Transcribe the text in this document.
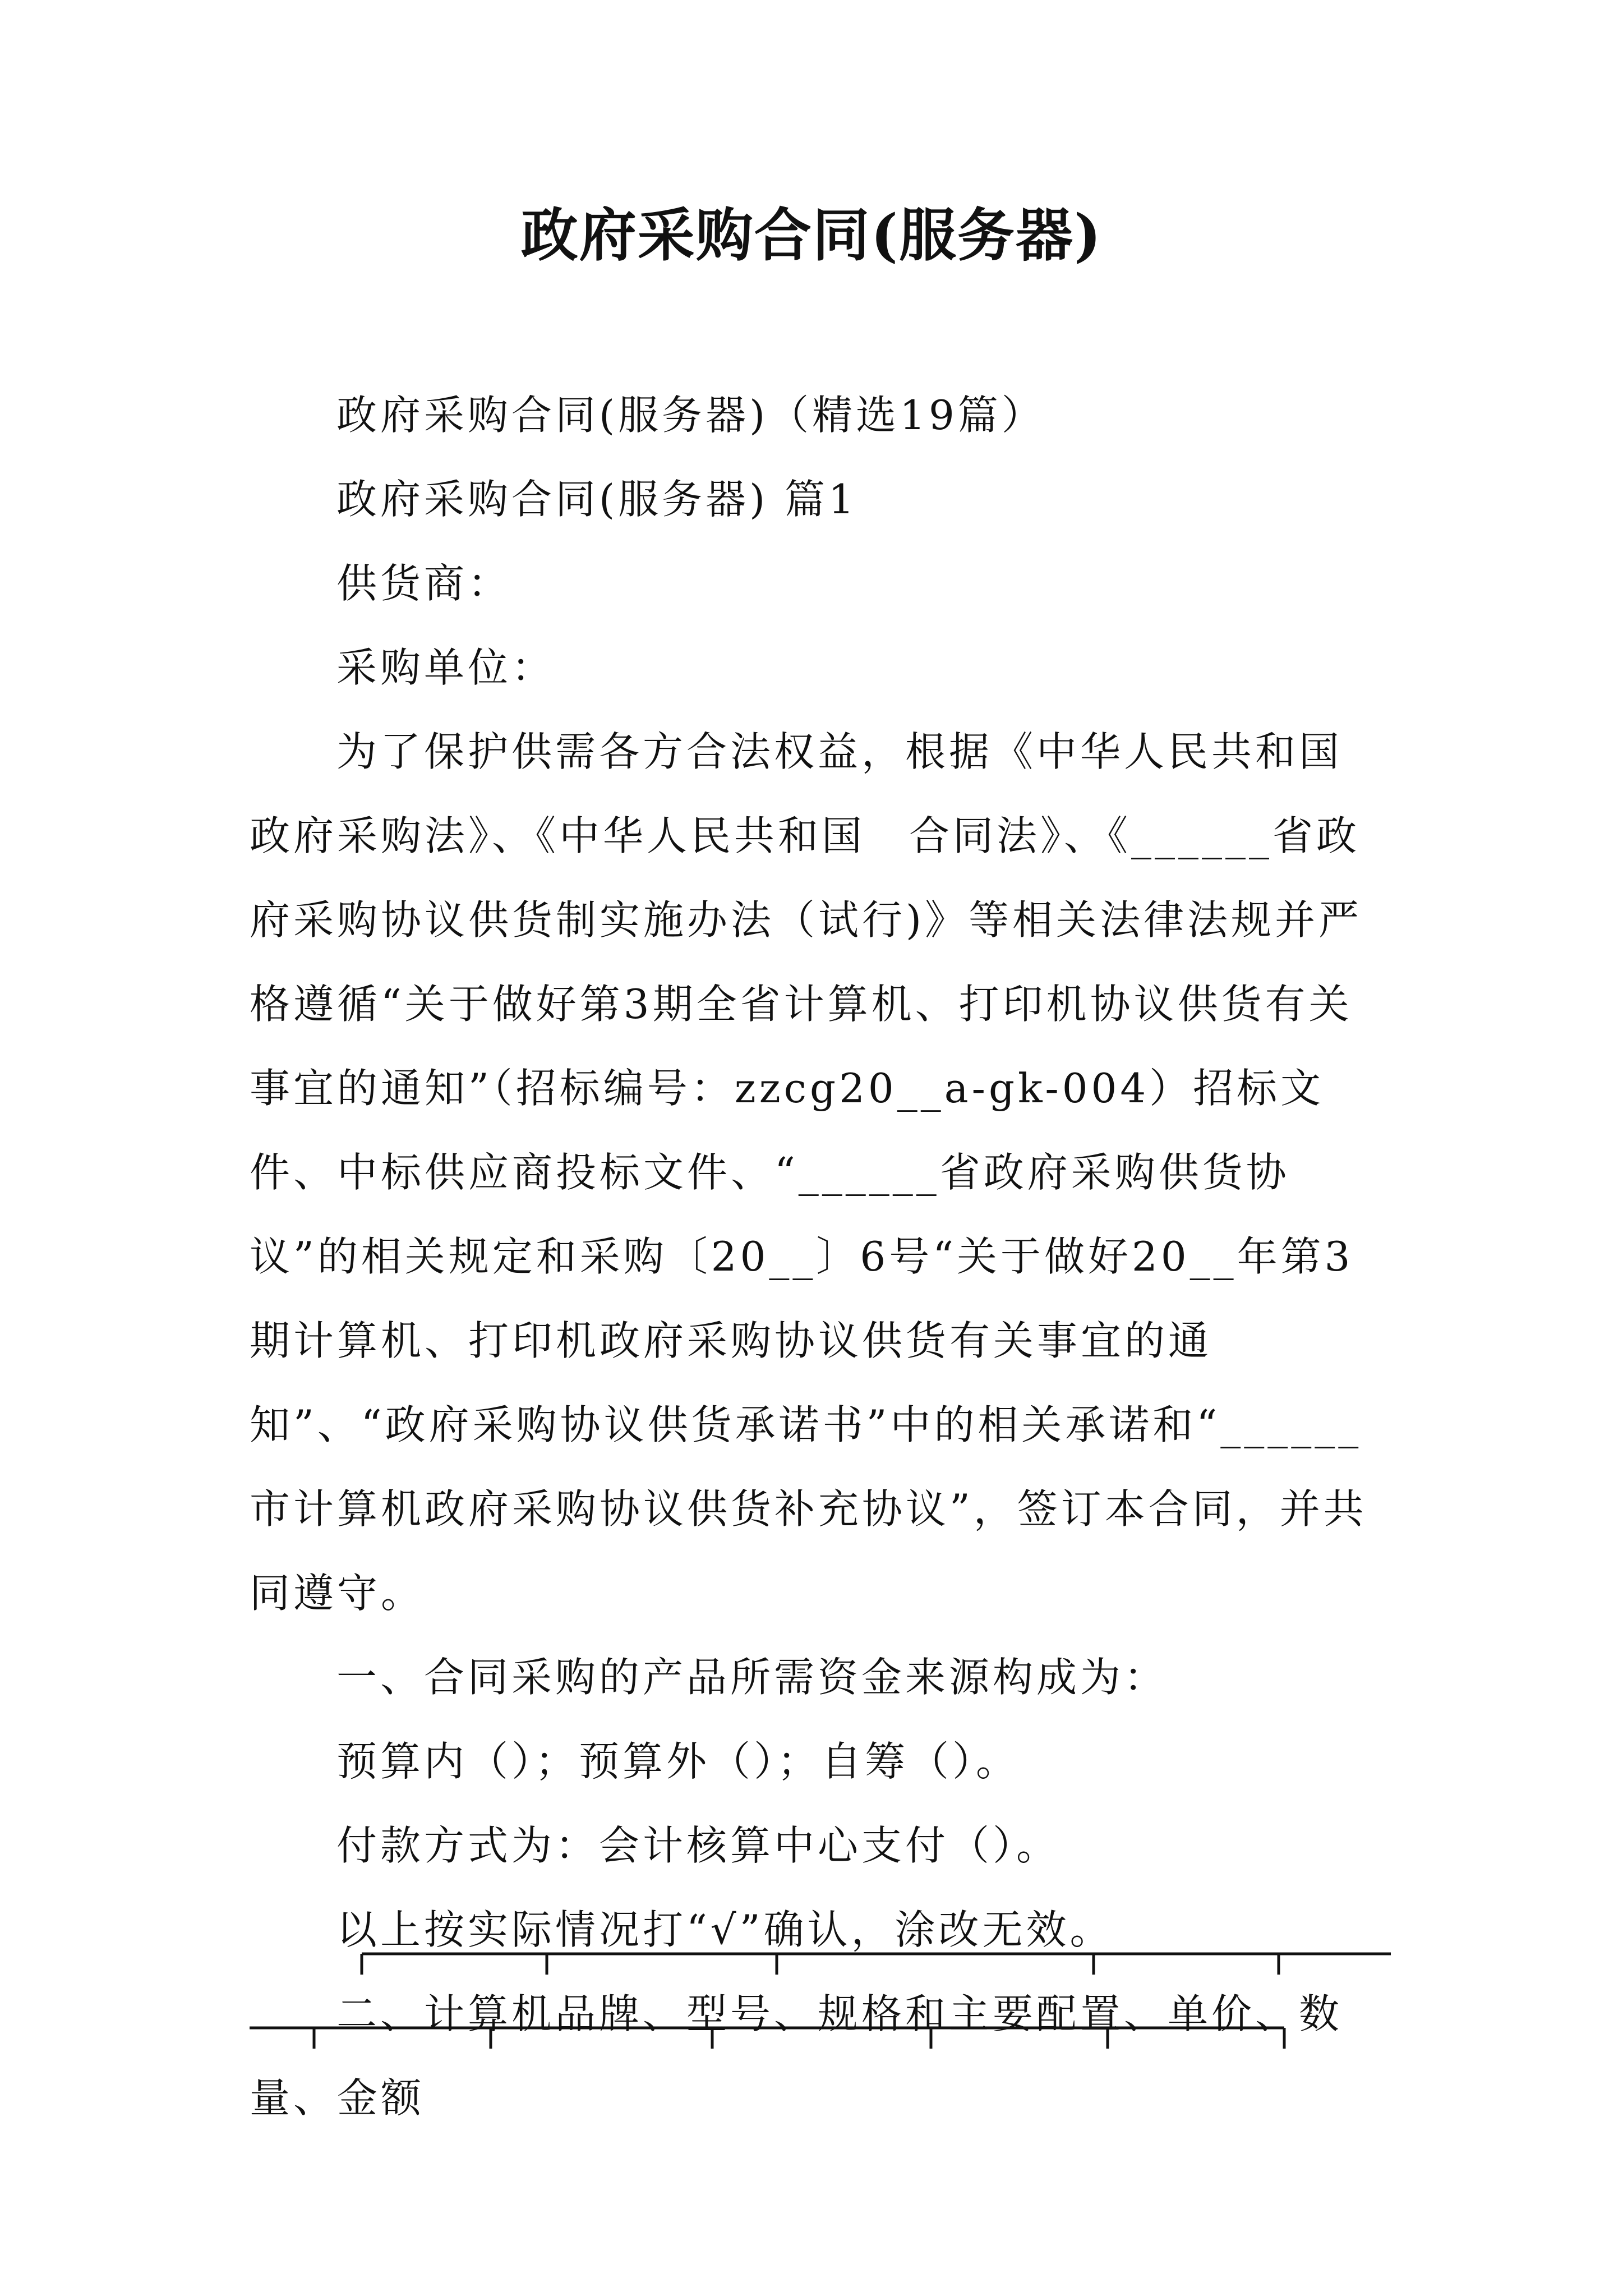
政府采购合同(服务器)

政府采购合同(服务器)（精选19篇）

政府采购合同(服务器) 篇1

供货商：

采购单位：

为了保护供需各方合法权益，根据《中华人民共和国政府采购法》、《中华人民共和国　合同法》、《______省政府采购协议供货制实施办法（试行)》等相关法律法规并严格遵循“关于做好第3期全省计算机、打印机协议供货有关事宜的通知”（招标编号：zzcg20__a-gk-004）招标文件、中标供应商投标文件、“______省政府采购供货协议”的相关规定和采购〔20__〕6号“关于做好20__年第3期计算机、打印机政府采购协议供货有关事宜的通知”、“政府采购协议供货承诺书”中的相关承诺和“______市计算机政府采购协议供货补充协议”，签订本合同，并共同遵守。

一、合同采购的产品所需资金来源构成为：

预算内（）；预算外（）；自筹（）。

付款方式为：会计核算中心支付（）。

以上按实际情况打“√”确认，涂改无效。

二、计算机品牌、型号、规格和主要配置、单价、数量、金额
